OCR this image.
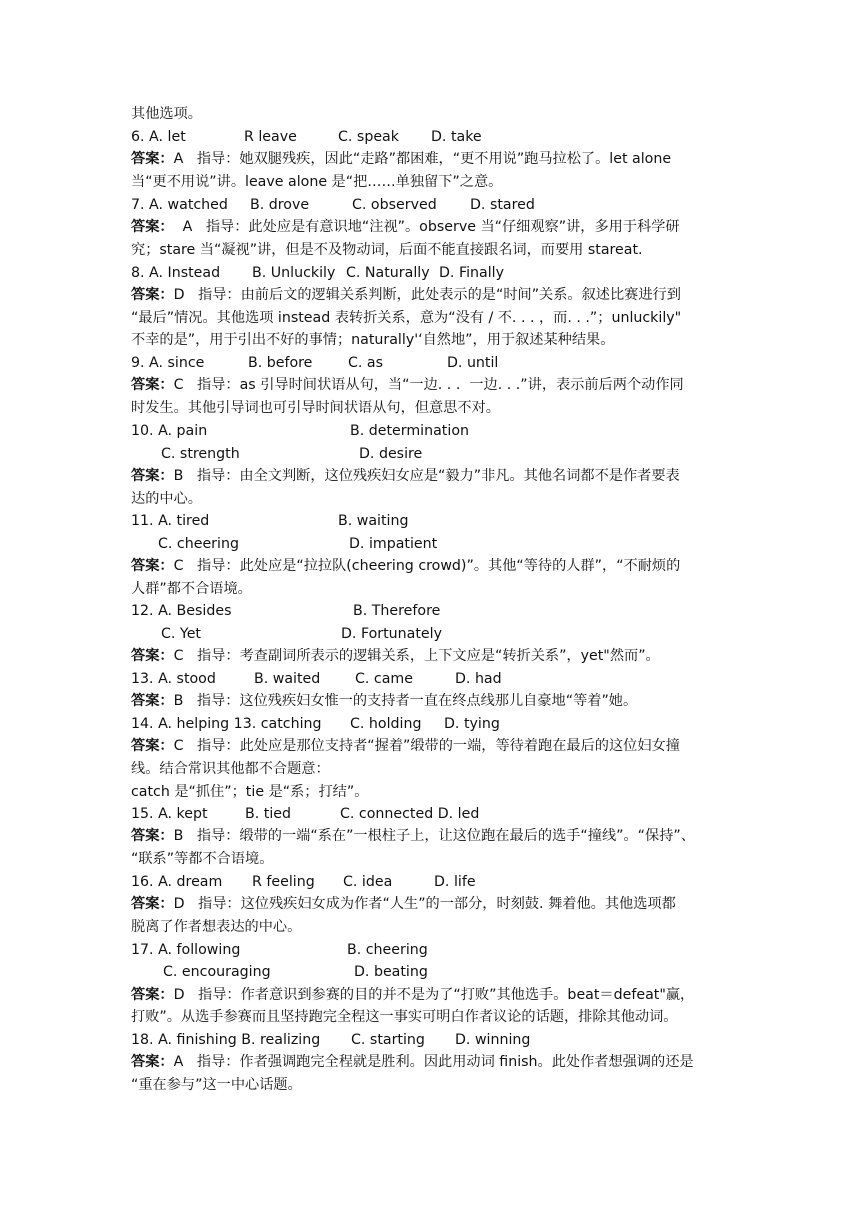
其他选项。
6. A. let	R leave	C. speak D. take
答案：A 指导：她双腿残疾，因此“走路”都困难，“更不用说”跑马拉松了。let alone
当“更不用说”讲。leave alone 是“把……单独留下”之意。
7. A. watched B. drove	C. observed D. stared
答案： A 指导：此处应是有意识地“注视”。observe 当“仔细观察”讲，多用于科学研
究；stare 当“凝视”讲，但是不及物动词，后面不能直接跟名词，而要用 stareat.
8. A. Instead B. Unluckily C. Naturally D. Finally
答案：D 指导：由前后文的逻辑关系判断，此处表示的是“时间”关系。叙述比赛进行到
“最后”情况。其他选项 instead 表转折关系，意为“没有 / 不. . . ，而. . .”；unluckily"
不幸的是”，用于引出不好的事情；naturally'‘自然地”，用于叙述某种结果。
9. A. since	B. before	C. as	D. until
答案：C 指导：as 引导时间状语从句，当“一边. . .  一边. . .”讲，表示前后两个动作同
时发生。其他引导词也可引导时间状语从句，但意思不对。
10. A. pain	B. determination
C. strength	D. desire
答案：B 指导：由全文判断，这位残疾妇女应是“毅力”非凡。其他名词都不是作者要表
达的中心。
11. A. tired	B. waiting
C. cheering	D. impatient
答案：C 指导：此处应是“拉拉队(cheering crowd)”。其他“等待的人群”，“不耐烦的
人群”都不合语境。
12. A. Besides	B. Therefore
C. Yet	D. Fortunately
答案：C 指导：考查副词所表示的逻辑关系，上下文应是“转折关系”，yet"然而”。
13. A. stood	B. waited C. came	D. had
答案：B 指导：这位残疾妇女惟一的支持者一直在终点线那儿自豪地“等着”她。
14. A. helping 13. catching C. holding D. tying
答案：C 指导：此处应是那位支持者“握着”缎带的一端，等待着跑在最后的这位妇女撞
线。结合常识其他都不合题意：
catch 是“抓住”；tie 是“系；打结”。
15. A. kept	B. tied	C. connected D. led
答案：B 指导：缎带的一端“系在”一根柱子上，让这位跑在最后的选手“撞线”。“保持”、
“联系”等都不合语境。
16. A. dream R feeling C. idea	D. life
答案：D 指导：这位残疾妇女成为作者“人生”的一部分，时刻鼓. 舞着他。其他选项都
脱离了作者想表达的中心。
17. A. following	B. cheering
C. encouraging	D. beating
答案：D 指导：作者意识到参赛的目的并不是为了“打败”其他选手。beat＝defeat"赢，
打败”。从选手参赛而且坚持跑完全程这一事实可明白作者议论的话题，排除其他动词。
18. A. finishing B. realizing C. starting D. winning
答案：A 指导：作者强调跑完全程就是胜利。因此用动词 finish。此处作者想强调的还是
“重在参与”这一中心话题。
